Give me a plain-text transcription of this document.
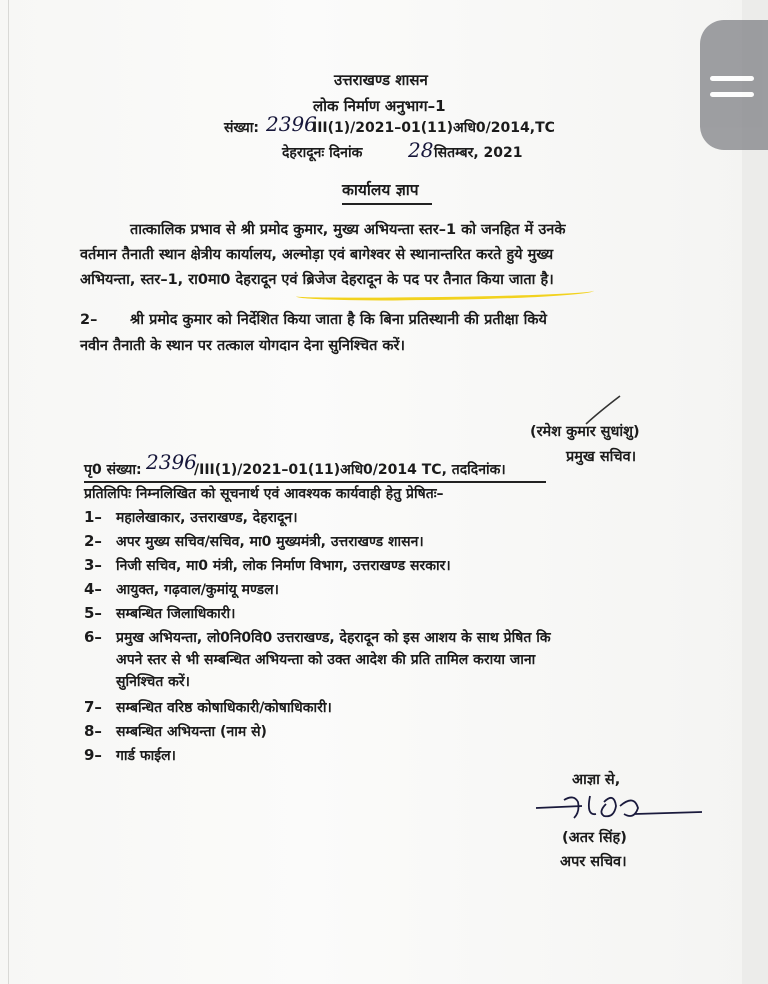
उत्तराखण्ड शासन
लोक निर्माण अनुभाग–1
संख्या: 2396
III(1)/2021–01(11)अधि0/2014,TC
देहरादूनः दिनांक 28 सितम्बर, 2021
कार्यालय ज्ञाप
तात्कालिक प्रभाव से श्री प्रमोद कुमार, मुख्य अभियन्ता स्तर–1 को जनहित में उनके
वर्तमान तैनाती स्थान क्षेत्रीय कार्यालय, अल्मोड़ा एवं बागेश्वर से स्थानान्तरित करते हुये मुख्य
अभियन्ता, स्तर–1, रा0मा0 देहरादून एवं ब्रिजेज देहरादून के पद पर तैनात किया जाता है।
2– श्री प्रमोद कुमार को निर्देशित किया जाता है कि बिना प्रतिस्थानी की प्रतीक्षा किये
नवीन तैनाती के स्थान पर तत्काल योगदान देना सुनिश्चित करें।
(रमेश कुमार सुधांशु)
प्रमुख सचिव।
पृ0 संख्या: 2396
/III(1)/2021–01(11)अधि0/2014 TC, तददिनांक।
प्रतिलिपिः निम्नलिखित को सूचनार्थ एवं आवश्यक कार्यवाही हेतु प्रेषितः–
1– महालेखाकार, उत्तराखण्ड, देहरादून।
2– अपर मुख्य सचिव/सचिव, मा0 मुख्यमंत्री, उत्तराखण्ड शासन।
3– निजी सचिव, मा0 मंत्री, लोक निर्माण विभाग, उत्तराखण्ड सरकार।
4– आयुक्त, गढ़वाल/कुमांयू मण्डल।
5– सम्बन्धित जिलाधिकारी।
6– प्रमुख अभियन्ता, लो0नि0वि0 उत्तराखण्ड, देहरादून को इस आशय के साथ प्रेषित कि
अपने स्तर से भी सम्बन्धित अभियन्ता को उक्त आदेश की प्रति तामिल कराया जाना
सुनिश्चित करें।
7– सम्बन्धित वरिष्ठ कोषाधिकारी/कोषाधिकारी।
8– सम्बन्धित अभियन्ता (नाम से)
9– गार्ड फाईल।
आज्ञा से,
(अतर सिंह)
अपर सचिव।
